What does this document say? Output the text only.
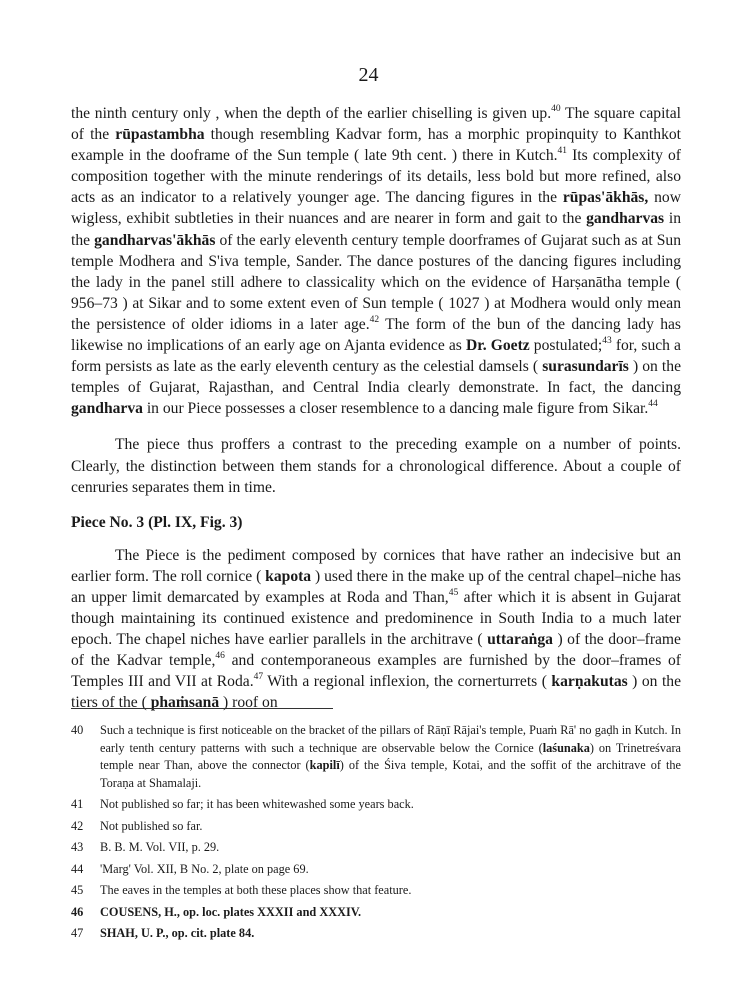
24

the ninth century only , when the depth of the earlier chiselling is given up.$^{40}$ The square capital of the rūpastambha though resembling Kadvar form, has a morphic propinquity to Kanthkot example in the dooframe of the Sun temple ( late 9th cent. ) there in Kutch.$^{41}$ Its complexity of composition together with the minute renderings of its details, less bold but more refined, also acts as an indicator to a relatively younger age. The dancing figures in the rūpas'ākhās, now wigless, exhibit subtleties in their nuances and are nearer in form and gait to the gandharvas in the gandharvas'ākhās of the early eleventh century temple doorframes of Gujarat such as at Sun temple Modhera and S'iva temple, Sander. The dance postures of the dancing figures including the lady in the panel still adhere to classicality which on the evidence of Harṣanātha temple ( 956–73 ) at Sikar and to some extent even of Sun temple ( 1027 ) at Modhera would only mean the persistence of older idioms in a later age.$^{42}$ The form of the bun of the dancing lady has likewise no implications of an early age on Ajanta evidence as Dr. Goetz postulated;$^{43}$ for, such a form persists as late as the early eleventh century as the celestial damsels ( surasundarīs ) on the temples of Gujarat, Rajasthan, and Central India clearly demonstrate. In fact, the dancing gandharva in our Piece possesses a closer resemblence to a dancing male figure from Sikar.$^{44}$

The piece thus proffers a contrast to the preceding example on a number of points. Clearly, the distinction between them stands for a chronological difference. About a couple of cenruries separates them in time.

Piece No. 3 (Pl. IX, Fig. 3)

The Piece is the pediment composed by cornices that have rather an indecisive but an earlier form. The roll cornice ( kapota ) used there in the make up of the central chapel–niche has an upper limit demarcated by examples at Roda and Than,$^{45}$ after which it is absent in Gujarat though maintaining its continued existence and predominence in South India to a much later epoch. The chapel niches have earlier parallels in the architrave ( uttaraṅga ) of the door–frame of the Kadvar temple,$^{46}$ and contemporaneous examples are furnished by the door–frames of Temples III and VII at Roda.$^{47}$ With a regional inflexion, the cornerturrets ( karṇakutas ) on the tiers of the ( phaṁsanā ) roof on

40	Such a technique is first noticeable on the bracket of the pillars of Rāṇī Rājai's temple, Puaṁ Rā' no gaḍh in Kutch. In early tenth century patterns with such a technique are observable below the Cornice (laśunaka) on Trinetreśvara temple near Than, above the connector (kapilī) of the Śiva temple, Kotai, and the soffit of the architrave of the Toraṇa at Shamalaji.
41	Not published so far; it has been whitewashed some years back.
42	Not published so far.
43	B. B. M. Vol. VII, p. 29.
44	'Marg' Vol. XII, B No. 2, plate on page 69.
45	The eaves in the temples at both these places show that feature.
46	COUSENS, H., op. loc. plates XXXII and XXXIV.
47	SHAH, U. P., op. cit. plate 84.
